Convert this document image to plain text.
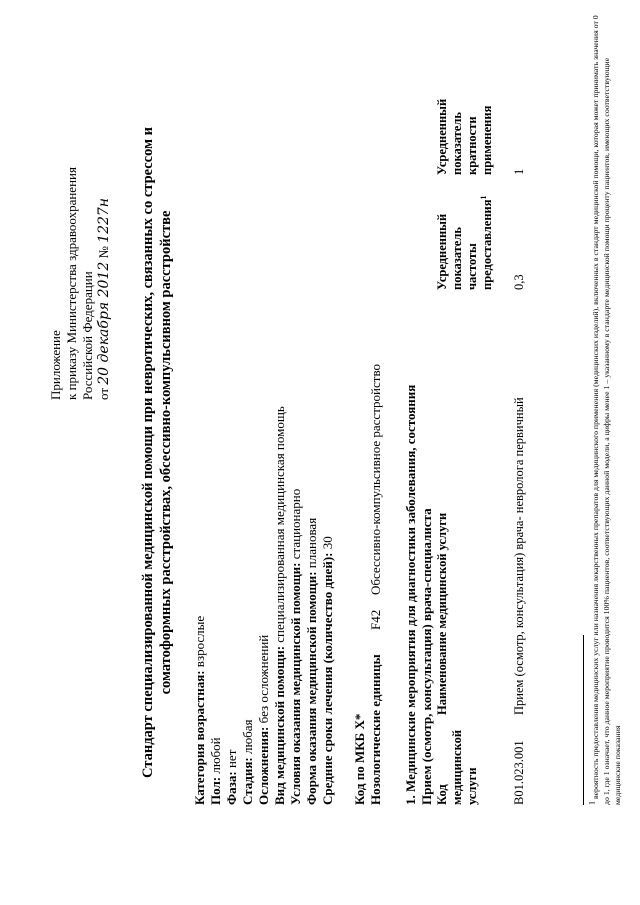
Приложение к приказу Министерства здравоохранения Российской Федерации от 20 декабря 2012 № 1227н Стандарт специализированной медицинской помощи при невротических, связанных со стрессом и соматоформных расстройствах, обсессивно-компульсивном расстройстве
Категория возрастная: взрослые
Пол: любой
Фаза: нет Стадия: любая Осложнения: без осложнений Вид медицинской помощи: специализированная медицинская помощь
Условия оказания медицинской помощи: стационарно
Форма оказания медицинской помощи: плановая
Средние сроки лечения (количество дней): 30
Код по МКБ X* Нозологические единицы
F42
Обсессивно-компульсивное расстройство 1. Медицинские мероприятия для диагностики заболевания, состояния Прием (осмотр, консультация) врача-специалиста Код медицинской услуги
Наименование медицинской услуги
Усредненный показатель частоты предоставления$^1$
Усредненный показатель кратности применения
B01.023.001
Прием (осмотр, консультация) врача- невролога первичный
0,3
1
$^1$ вероятность предоставления медицинских услуг или назначения лекарственных препаратов для медицинского применения (медицинских изделий), включенных в стандарт медицинской помощи, которая может принимать значения от 0 до 1, где 1 означает, что данное мероприятие проводится 100% пациентов, соответствующих данной модели, а цифры менее 1 – указанному в стандарте медицинской помощи проценту пациентов, имеющих соответствующие медицинские показания
